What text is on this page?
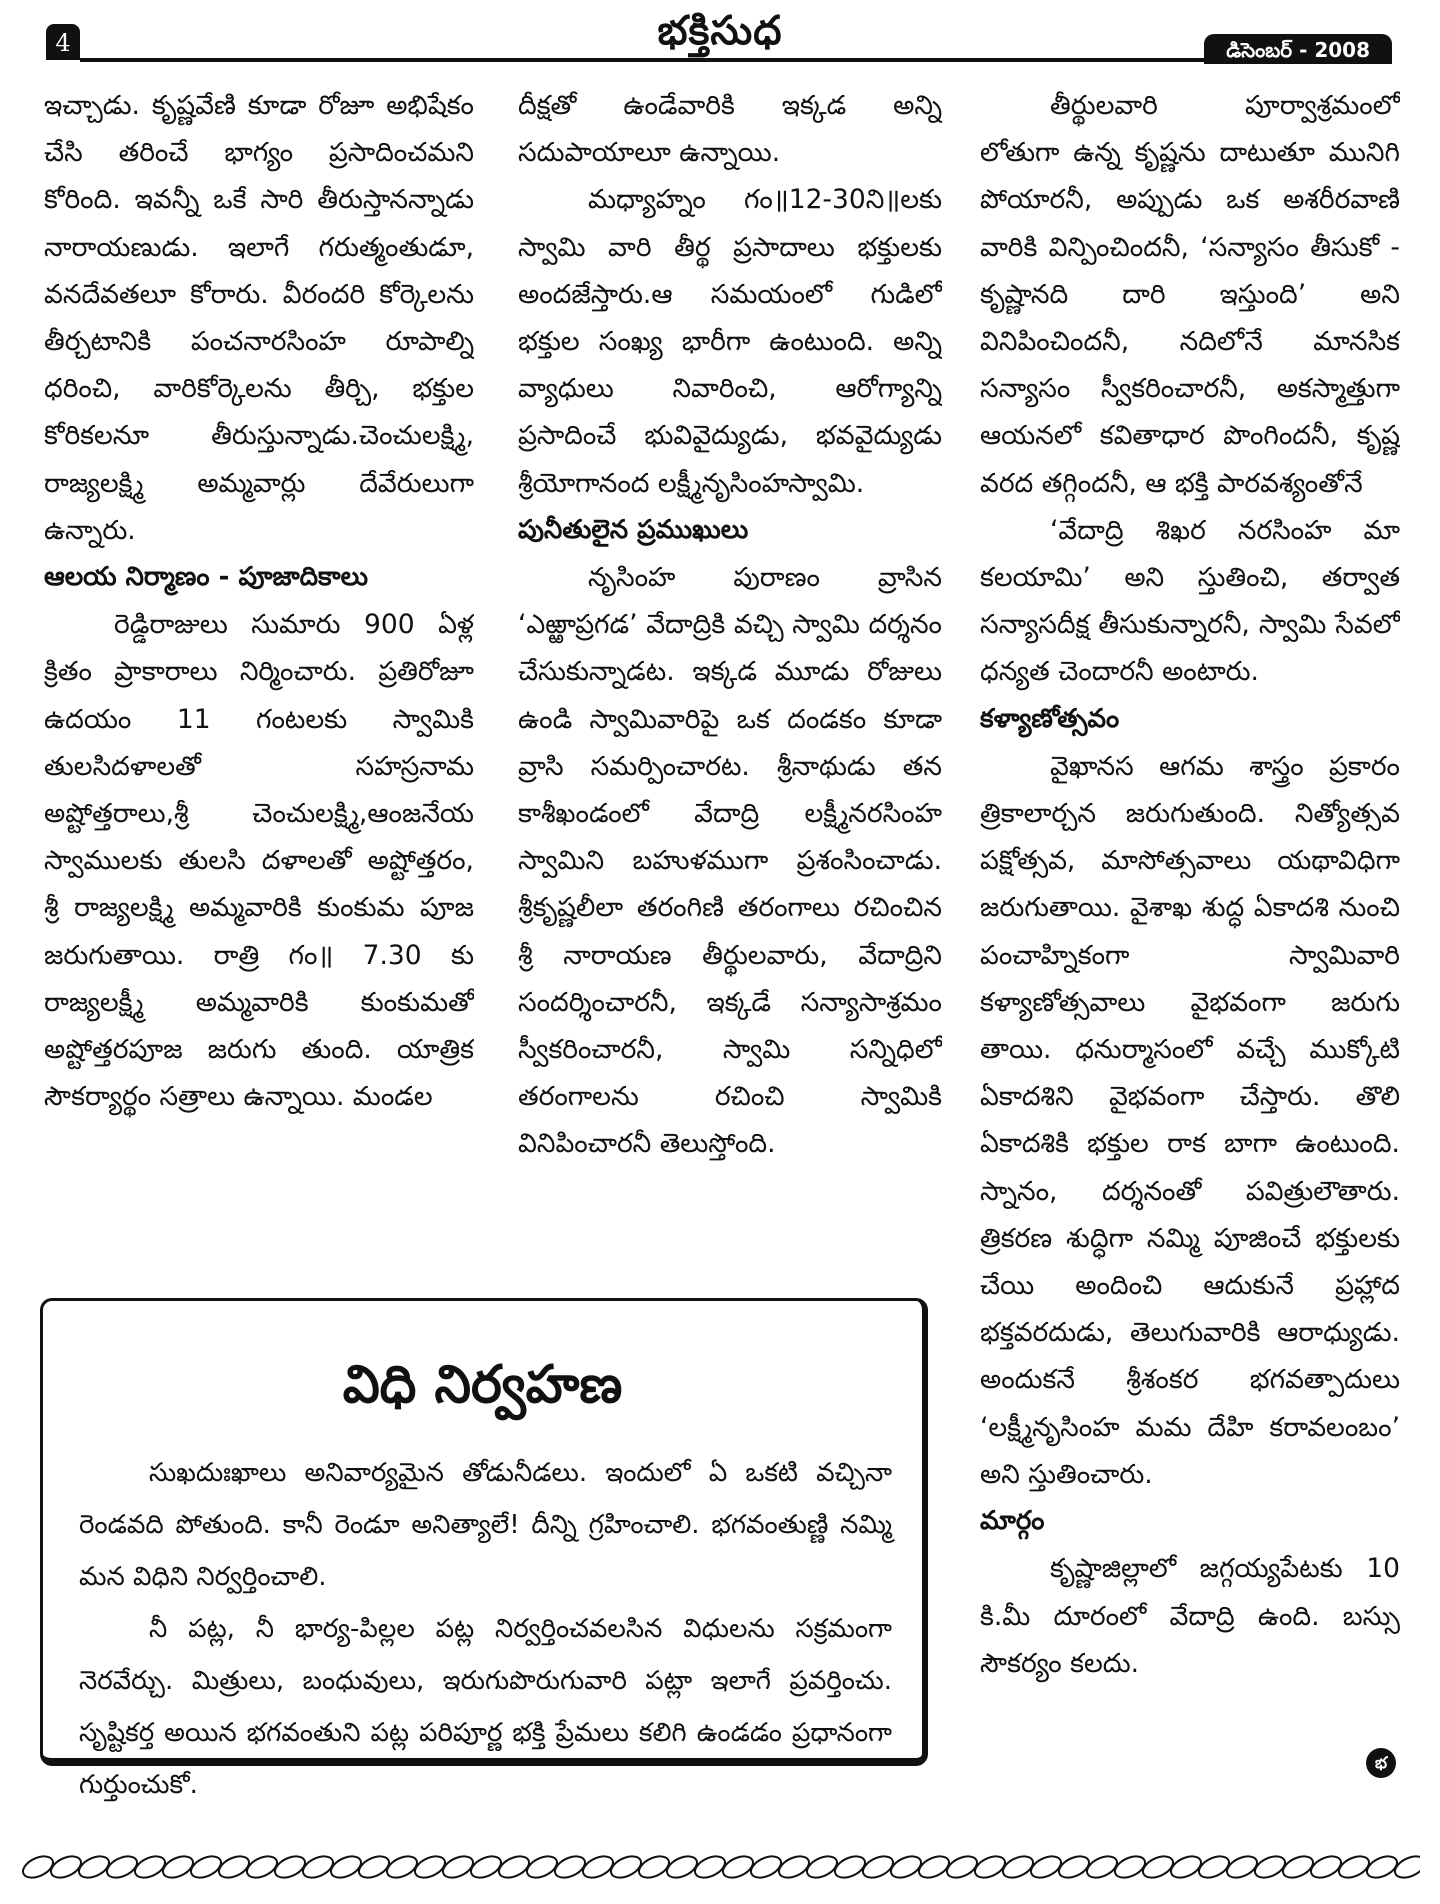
4	భక్తిసుధ	డిసెంబర్ - 2008

ఇచ్చాడు. కృష్ణవేణి కూడా రోజూ అభిషేకం చేసి తరించే భాగ్యం ప్రసాదించమని కోరింది. ఇవన్నీ ఒకే సారి తీరుస్తానన్నాడు నారాయణుడు. ఇలాగే గరుత్మంతుడూ, వనదేవతలూ కోరారు. వీరందరి కోర్కెలను తీర్చటానికి పంచనారసింహ రూపాల్ని ధరించి, వారికోర్కెలను తీర్చి, భక్తుల కోరికలనూ తీరుస్తున్నాడు.చెంచులక్ష్మి, రాజ్యలక్ష్మి అమ్మవార్లు దేవేరులుగా ఉన్నారు.

ఆలయ నిర్మాణం - పూజాదికాలు

రెడ్డిరాజులు సుమారు 900 ఏళ్ల క్రితం ప్రాకారాలు నిర్మించారు. ప్రతిరోజూ ఉదయం 11 గంటలకు స్వామికి తులసిదళాలతో సహస్రనామ అష్టోత్తరాలు,శ్రీ చెంచులక్ష్మి,ఆంజనేయ స్వాములకు తులసి దళాలతో అష్టోత్తరం, శ్రీ రాజ్యలక్ష్మి అమ్మవారికి కుంకుమ పూజ జరుగుతాయి. రాత్రి గం॥ 7.30 కు రాజ్యలక్ష్మీ అమ్మవారికి కుంకుమతో అష్టోత్తరపూజ జరుగు తుంది. యాత్రిక సౌకర్యార్థం సత్రాలు ఉన్నాయి. మండల

దీక్షతో ఉండేవారికి ఇక్కడ అన్ని సదుపాయాలూ ఉన్నాయి.

మధ్యాహ్నం గం॥12-30ని॥లకు స్వామి వారి తీర్థ ప్రసాదాలు భక్తులకు అందజేస్తారు.ఆ సమయంలో గుడిలో భక్తుల సంఖ్య భారీగా ఉంటుంది. అన్ని వ్యాధులు నివారించి, ఆరోగ్యాన్ని ప్రసాదించే భువివైద్యుడు, భవవైద్యుడు శ్రీయోగానంద లక్ష్మీనృసింహస్వామి.

పునీతులైన ప్రముఖులు

నృసింహ పురాణం వ్రాసిన ‘ఎఱ్ఱాప్రగడ’ వేదాద్రికి వచ్చి స్వామి దర్శనం చేసుకున్నాడట. ఇక్కడ మూడు రోజులు ఉండి స్వామివారిపై ఒక దండకం కూడా వ్రాసి సమర్పించారట. శ్రీనాథుడు తన కాశీఖండంలో వేదాద్రి లక్ష్మీనరసింహ స్వామిని బహుళముగా ప్రశంసించాడు. శ్రీకృష్ణలీలా తరంగిణి తరంగాలు రచించిన శ్రీ నారాయణ తీర్థులవారు, వేదాద్రిని సందర్శించారనీ, ఇక్కడే సన్యాసాశ్రమం స్వీకరించారనీ, స్వామి సన్నిధిలో తరంగాలను రచించి స్వామికి వినిపించారనీ తెలుస్తోంది.

తీర్థులవారి పూర్వాశ్రమంలో లోతుగా ఉన్న కృష్ణను దాటుతూ మునిగి పోయారనీ, అప్పుడు ఒక అశరీరవాణి వారికి విన్పించిందనీ, ‘సన్యాసం తీసుకో - కృష్ణానది దారి ఇస్తుంది’ అని వినిపించిందనీ, నదిలోనే మానసిక సన్యాసం స్వీకరించారనీ, అకస్మాత్తుగా ఆయనలో కవితాధార పొంగిందనీ, కృష్ణ వరద తగ్గిందనీ, ఆ భక్తి పారవశ్యంతోనే

‘వేదాద్రి శిఖర నరసింహ మా కలయామి’ అని స్తుతించి, తర్వాత సన్యాసదీక్ష తీసుకున్నారనీ, స్వామి సేవలో ధన్యత చెందారనీ అంటారు.

కళ్యాణోత్సవం

వైఖానస ఆగమ శాస్త్రం ప్రకారం త్రికాలార్చన జరుగుతుంది. నిత్యోత్సవ పక్షోత్సవ, మాసోత్సవాలు యథావిధిగా జరుగుతాయి. వైశాఖ శుద్ధ ఏకాదశి నుంచి పంచాహ్నికంగా స్వామివారి కళ్యాణోత్సవాలు వైభవంగా జరుగు తాయి. ధనుర్మాసంలో వచ్చే ముక్కోటి ఏకాదశిని వైభవంగా చేస్తారు. తొలి ఏకాదశికి భక్తుల రాక బాగా ఉంటుంది. స్నానం, దర్శనంతో పవిత్రులౌతారు. త్రికరణ శుద్ధిగా నమ్మి పూజించే భక్తులకు చేయి అందించి ఆదుకునే ప్రహ్లాద భక్తవరదుడు, తెలుగువారికి ఆరాధ్యుడు. అందుకనే శ్రీశంకర భగవత్పాదులు ‘లక్ష్మీనృసింహ మమ దేహి కరావలంబం’ అని స్తుతించారు.

మార్గం

కృష్ణాజిల్లాలో జగ్గయ్యపేటకు 10 కి.మీ దూరంలో వేదాద్రి ఉంది. బస్సు సౌకర్యం కలదు.

భ
విధి నిర్వహణ

సుఖదుఃఖాలు అనివార్యమైన తోడునీడలు. ఇందులో ఏ ఒకటి వచ్చినా రెండవది పోతుంది. కానీ రెండూ అనిత్యాలే! దీన్ని గ్రహించాలి. భగవంతుణ్ణి నమ్మి మన విధిని నిర్వర్తించాలి.

నీ పట్ల, నీ భార్య-పిల్లల పట్ల నిర్వర్తించవలసిన విధులను సక్రమంగా నెరవేర్చు. మిత్రులు, బంధువులు, ఇరుగుపొరుగువారి పట్లా ఇలాగే ప్రవర్తించు. సృష్టికర్త అయిన భగవంతుని పట్ల పరిపూర్ణ భక్తి ప్రేమలు కలిగి ఉండడం ప్రధానంగా గుర్తుంచుకో.
